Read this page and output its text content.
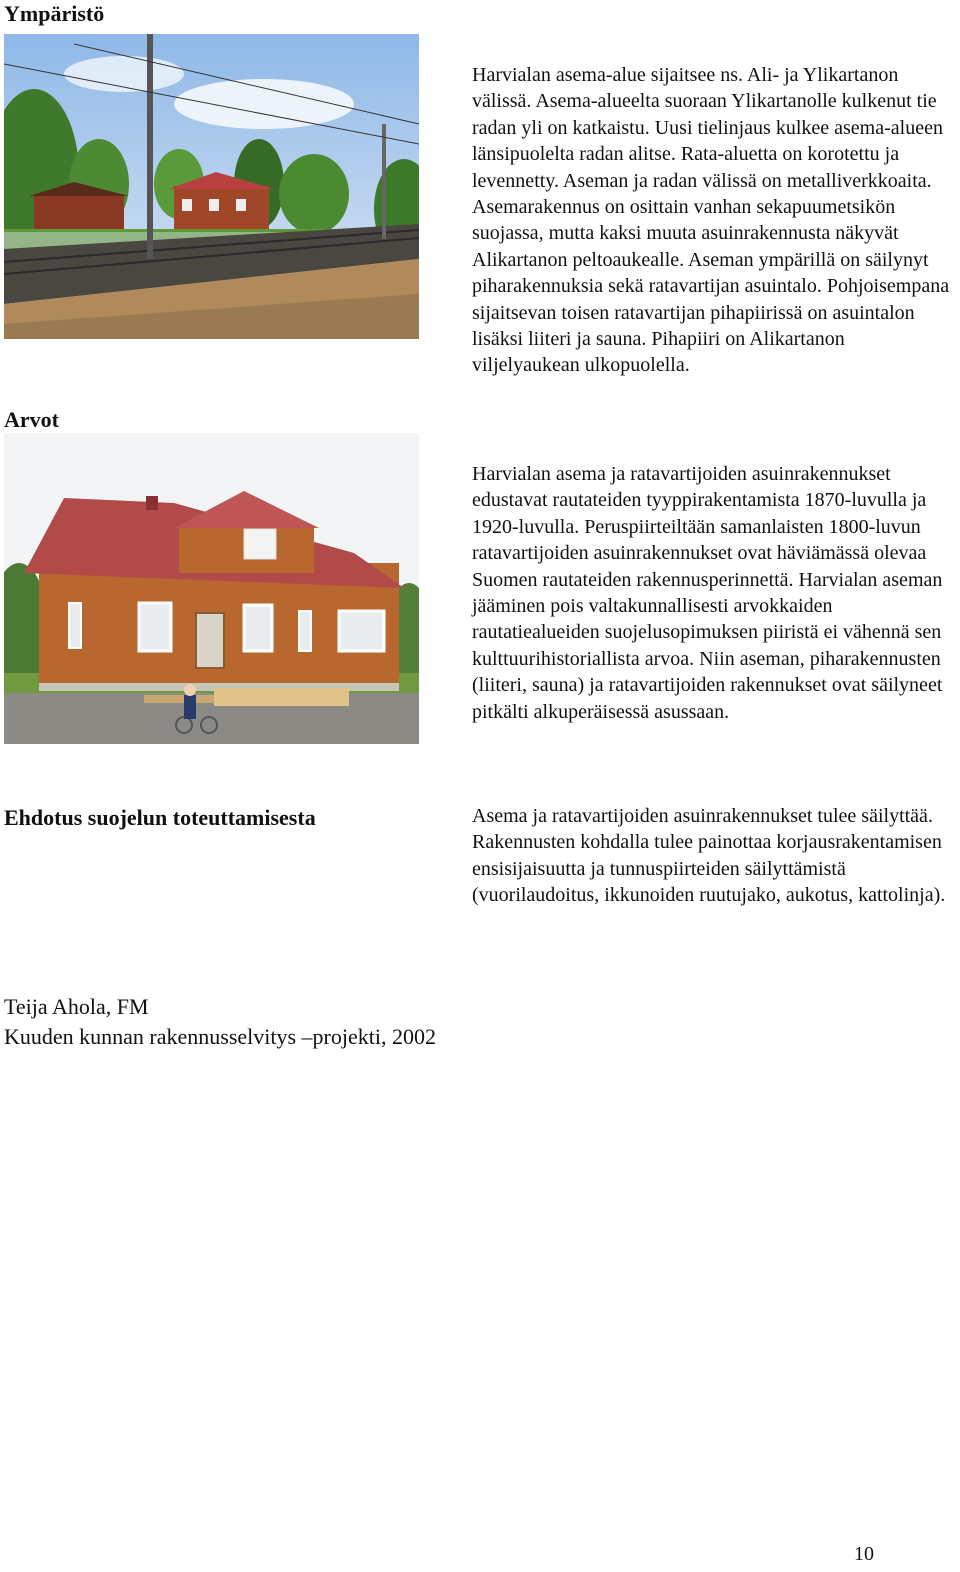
Ympäristö
Arvot
Ehdotus suojelun toteuttamisesta

Harvialan asema-alue sijaitsee ns. Ali- ja Ylikartanon välissä. Asema-alueelta suoraan Ylikartanolle kulkenut tie radan yli on katkaistu. Uusi tielinjaus kulkee asema-alueen länsipuolelta radan alitse. Rata-aluetta on korotettu ja levennetty. Aseman ja radan välissä on metalliverkkoaita. Asemarakennus on osittain vanhan sekapuumetsikön suojassa, mutta kaksi muuta asuinrakennusta näkyvät Alikartanon peltoaukealle. Aseman ympärillä on säilynyt piharakennuksia sekä ratavartijan asuintalo. Pohjoisempana sijaitsevan toisen ratavartijan pihapiirissä on asuintalon lisäksi liiteri ja sauna. Pihapiiri on Alikartanon viljelyaukean ulkopuolella.

Harvialan asema ja ratavartijoiden asuinrakennukset edustavat rautateiden tyyppirakentamista 1870-luvulla ja 1920-luvulla. Peruspiirteiltään samanlaisten 1800-luvun ratavartijoiden asuinrakennukset ovat häviämässä olevaa Suomen rautateiden rakennusperinnettä. Harvialan aseman jääminen pois valtakunnallisesti arvokkaiden rautatiealueiden suojelusopimuksen piiristä ei vähennä sen kulttuurihistoriallista arvoa. Niin aseman, piharakennusten (liiteri, sauna) ja ratavartijoiden rakennukset ovat säilyneet pitkälti alkuperäisessä asussaan.

Asema ja ratavartijoiden asuinrakennukset tulee säilyttää. Rakennusten kohdalla tulee painottaa korjausrakentamisen ensisijaisuutta ja tunnuspiirteiden säilyttämistä (vuorilaudoitus, ikkunoiden ruutujako, aukotus, kattolinja).

Teija Ahola, FM
Kuuden kunnan rakennusselvitys –projekti, 2002
10
